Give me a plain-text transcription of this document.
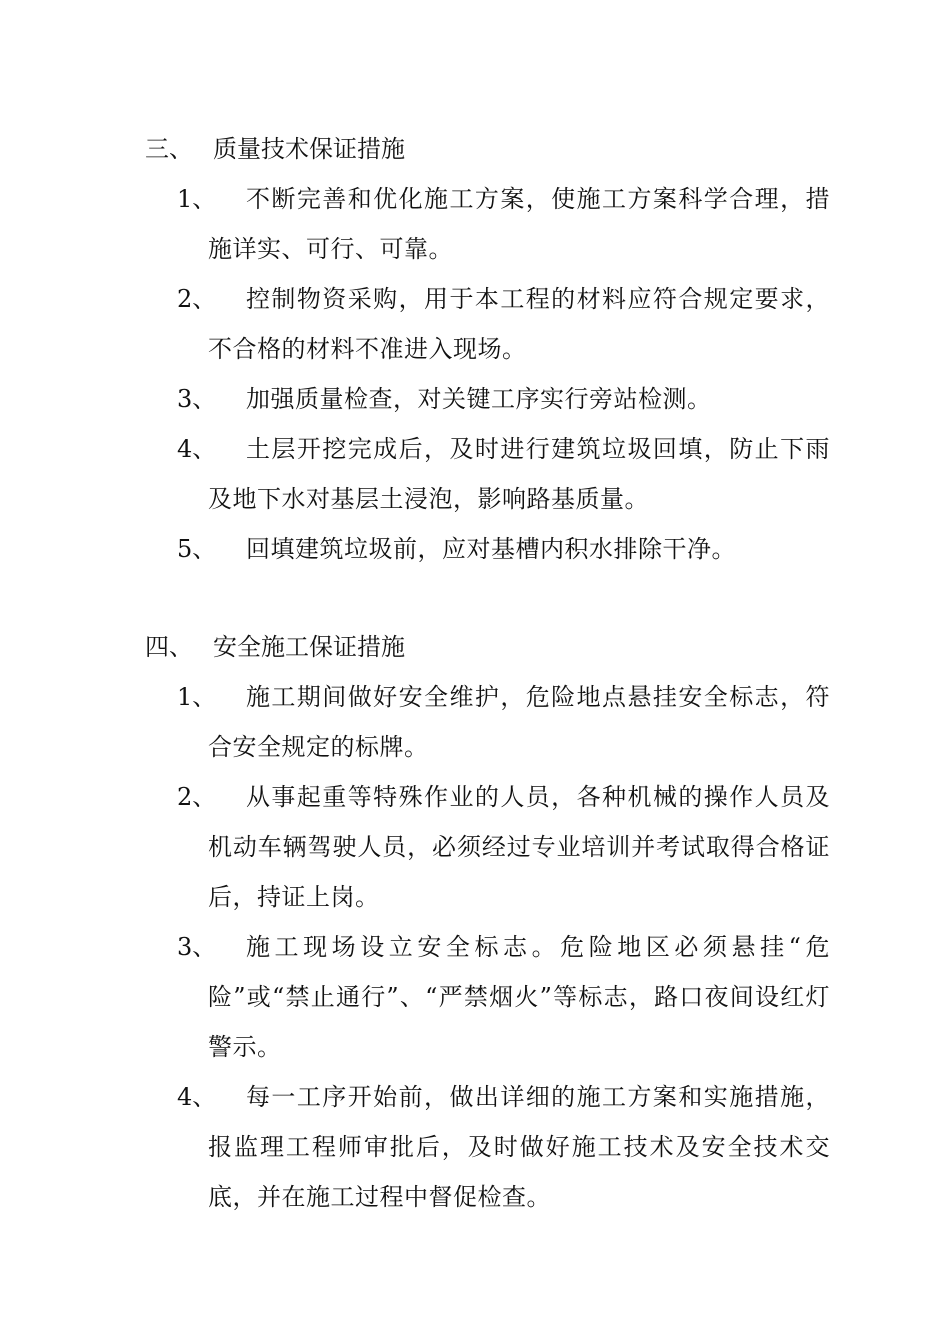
三、 质量技术保证措施
1、	不断完善和优化施工方案，使施工方案科学合理，措施详实、可行、可靠。
2、	控制物资采购，用于本工程的材料应符合规定要求，不合格的材料不准进入现场。
3、	加强质量检查，对关键工序实行旁站检测。
4、	土层开挖完成后，及时进行建筑垃圾回填，防止下雨及地下水对基层土浸泡，影响路基质量。
5、	回填建筑垃圾前，应对基槽内积水排除干净。
四、 安全施工保证措施
1、	施工期间做好安全维护，危险地点悬挂安全标志，符合安全规定的标牌。
2、	从事起重等特殊作业的人员，各种机械的操作人员及机动车辆驾驶人员，必须经过专业培训并考试取得合格证后，持证上岗。
3、	施工现场设立安全标志。危险地区必须悬挂“危险”或“禁止通行”、“严禁烟火”等标志，路口夜间设红灯警示。
4、	每一工序开始前，做出详细的施工方案和实施措施，报监理工程师审批后，及时做好施工技术及安全技术交底，并在施工过程中督促检查。
